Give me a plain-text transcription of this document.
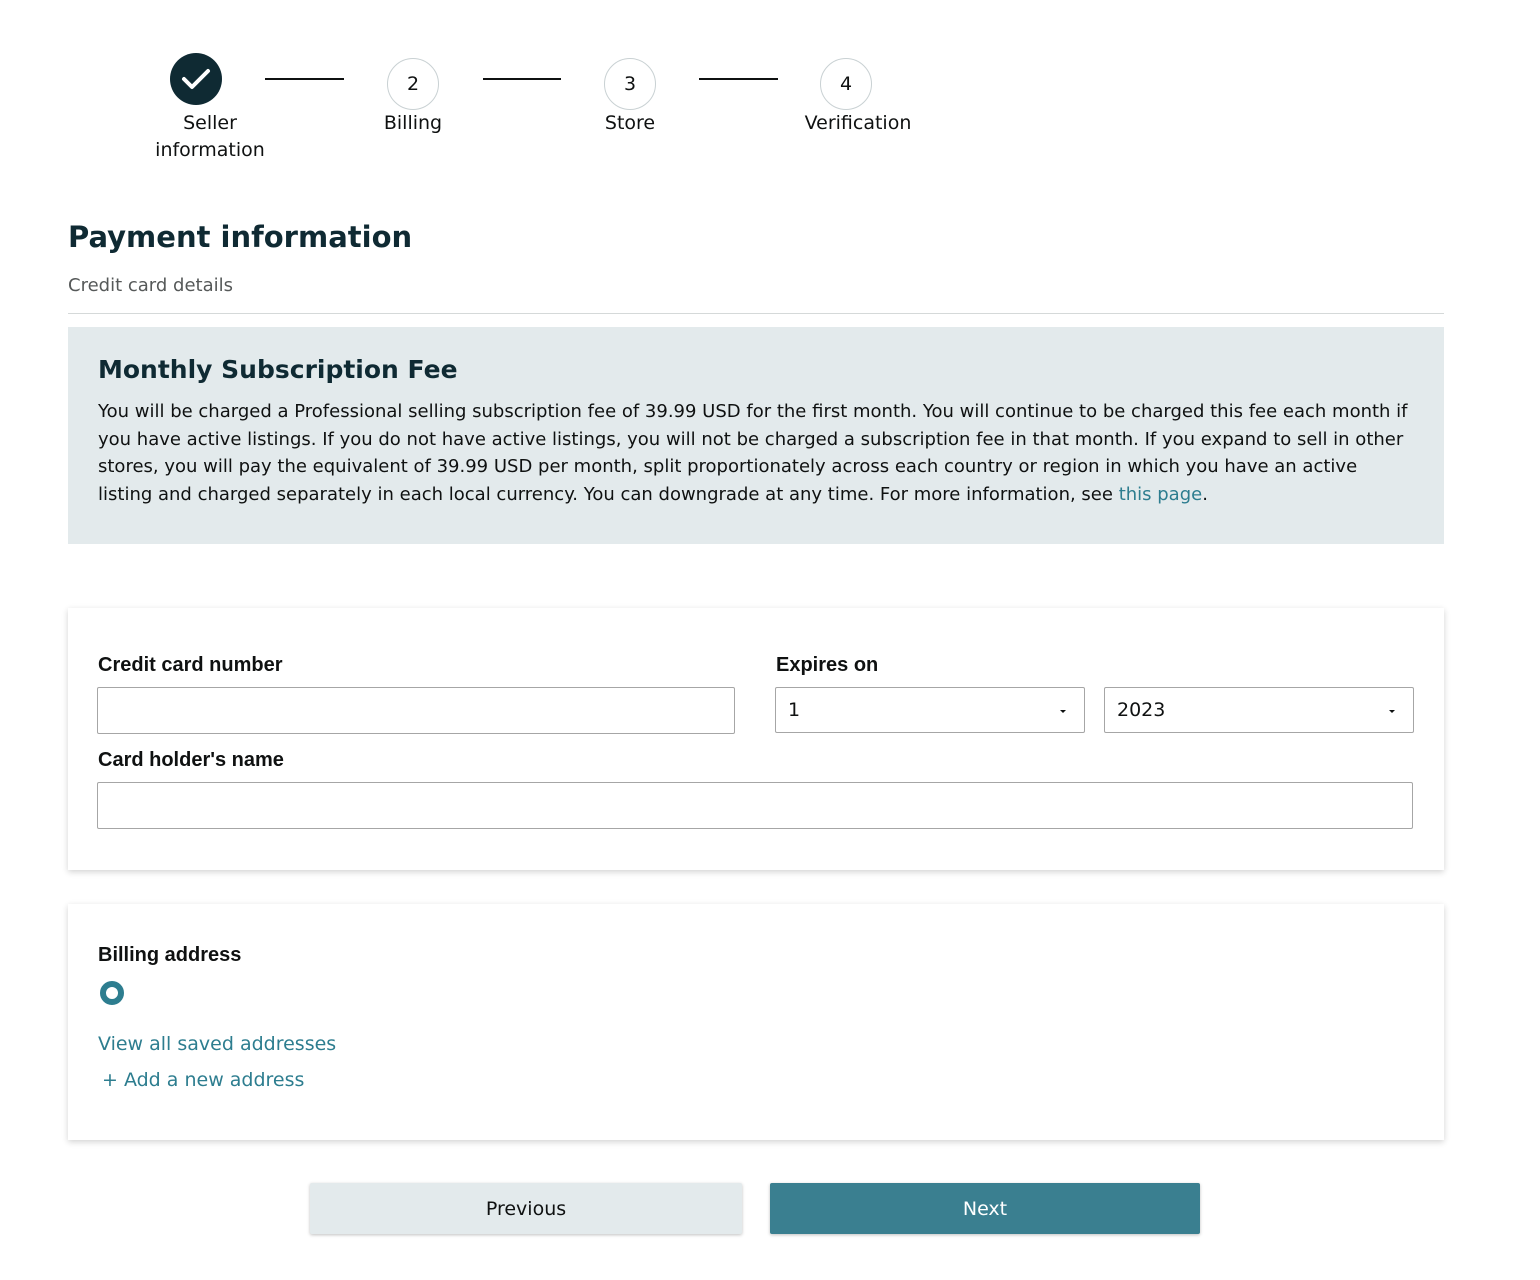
2	3	4
Seller
information
Billing	Store	Verification
Payment information
Credit card details
Monthly Subscription Fee
You will be charged a Professional selling subscription fee of 39.99 USD for the first month. You will continue to be charged this fee each month if you have active listings. If you do not have active listings, you will not be charged a subscription fee in that month. If you expand to sell in other stores, you will pay the equivalent of 39.99 USD per month, split proportionately across each country or region in which you have an active listing and charged separately in each local currency. You can downgrade at any time. For more information, see this page.
Credit card number	Expires on
1	2023
Card holder's name
Billing address
View all saved addresses
+ Add a new address
Previous	Next
